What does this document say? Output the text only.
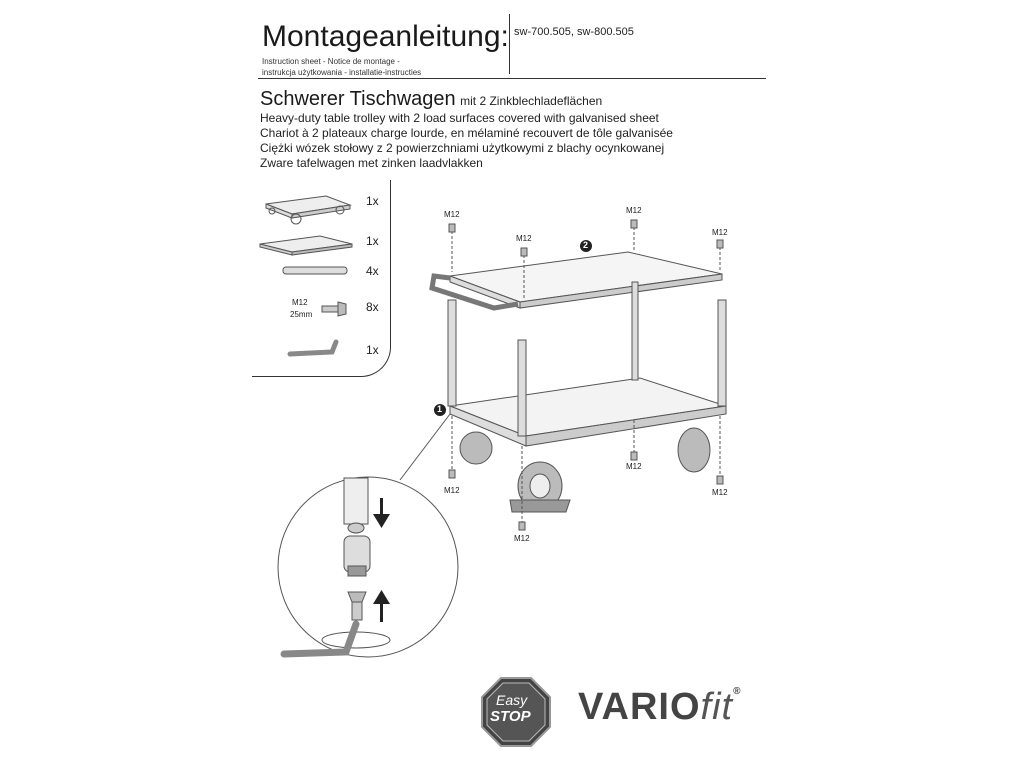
Montageanleitung: sw-700.505, sw-800.505
Instruction sheet - Notice de montage -
instrukcja użytkowania - installatie-instructies
Schwerer Tischwagen mit 2 Zinkblechladeflächen
Heavy-duty table trolley with 2 load surfaces covered with galvanised sheet
Chariot à 2 plateaux charge lourde, en mélaminé recouvert de tôle galvanisée
Ciężki wózek stołowy z 2 powierzchniami użytkowymi z blachy ocynkowanej
Zware tafelwagen met zinken laadvlakken
1x
1x
4x
8x
1x
M12
25mm
1
2
M12
M12
M12
M12
M12
M12
M12
M12
Easy
STOP VARIOfit®
